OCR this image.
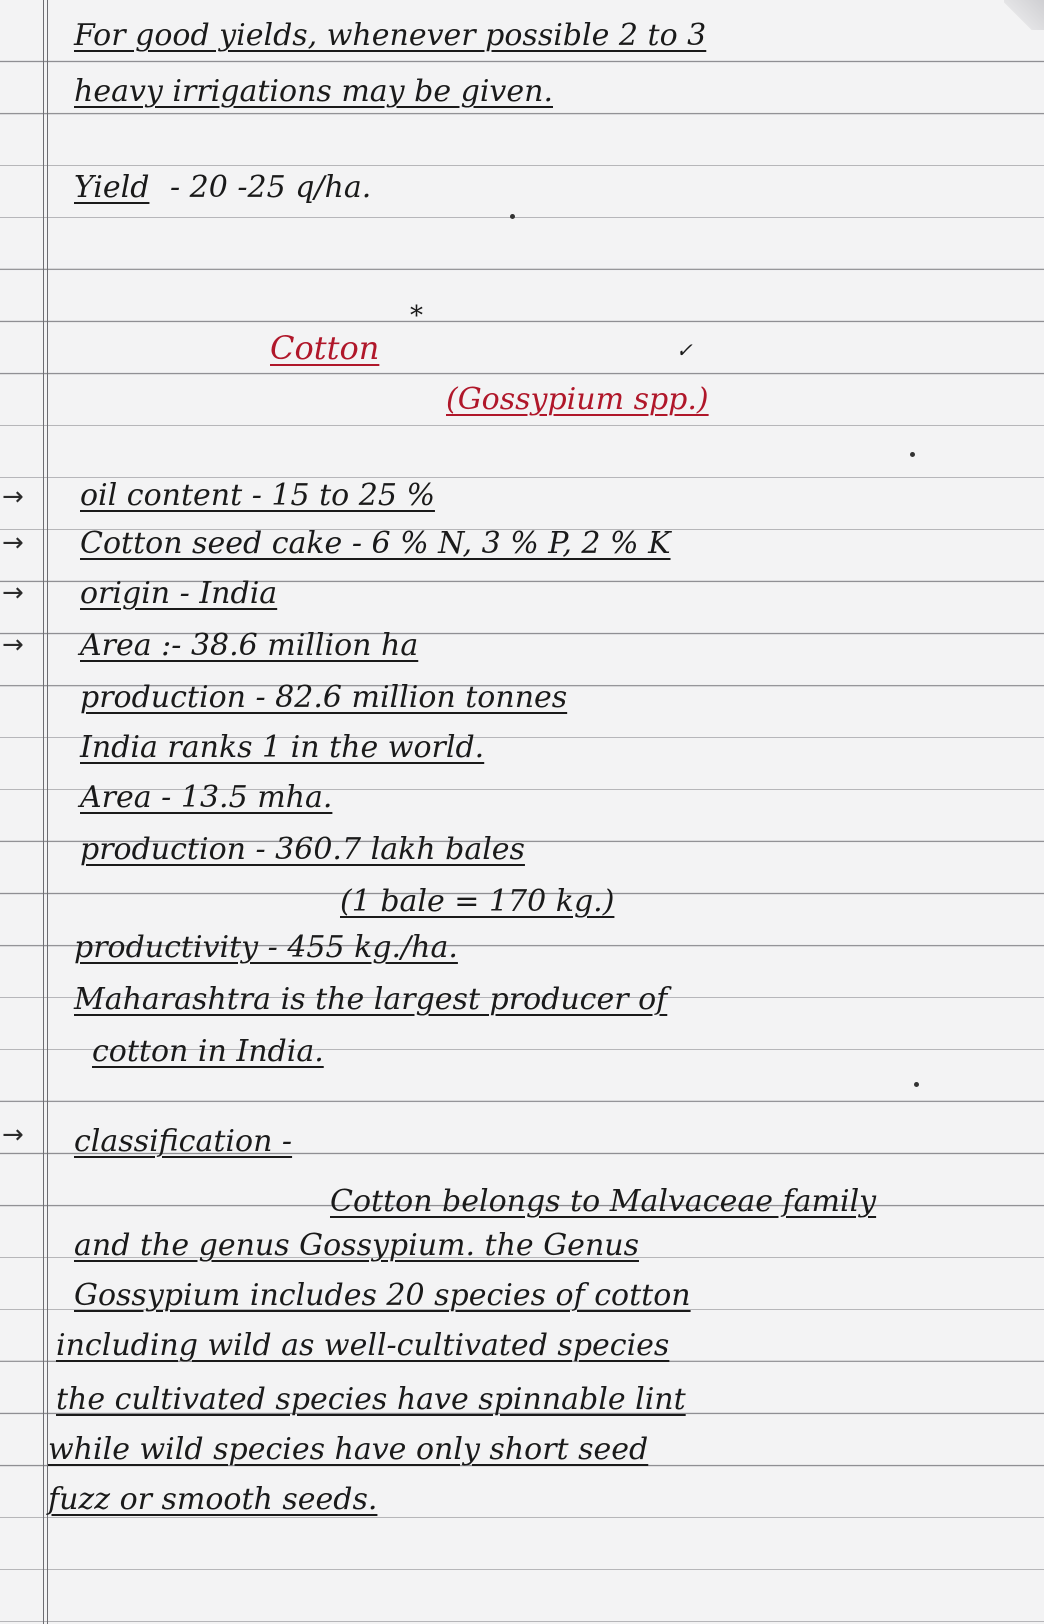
For good yields, whenever possible 2 to 3
heavy irrigations may be given.
Yield - 20 -25 q/ha.
*
✓
Cotton
(Gossypium spp.)
→
→
→
→
→
oil content - 15 to 25 %
Cotton seed cake - 6 % N, 3 % P, 2 % K
origin - India
Area :- 38.6 million ha
production - 82.6 million tonnes
India ranks 1 in the world.
Area - 13.5 mha.
production - 360.7 lakh bales
(1 bale = 170 kg.)
productivity - 455 kg./ha.
Maharashtra is the largest producer of
cotton in India.
classification -
Cotton belongs to Malvaceae family
and the genus Gossypium. the Genus
Gossypium includes 20 species of cotton
including wild as well-cultivated species
the cultivated species have spinnable lint
while wild species have only short seed
fuzz or smooth seeds.
